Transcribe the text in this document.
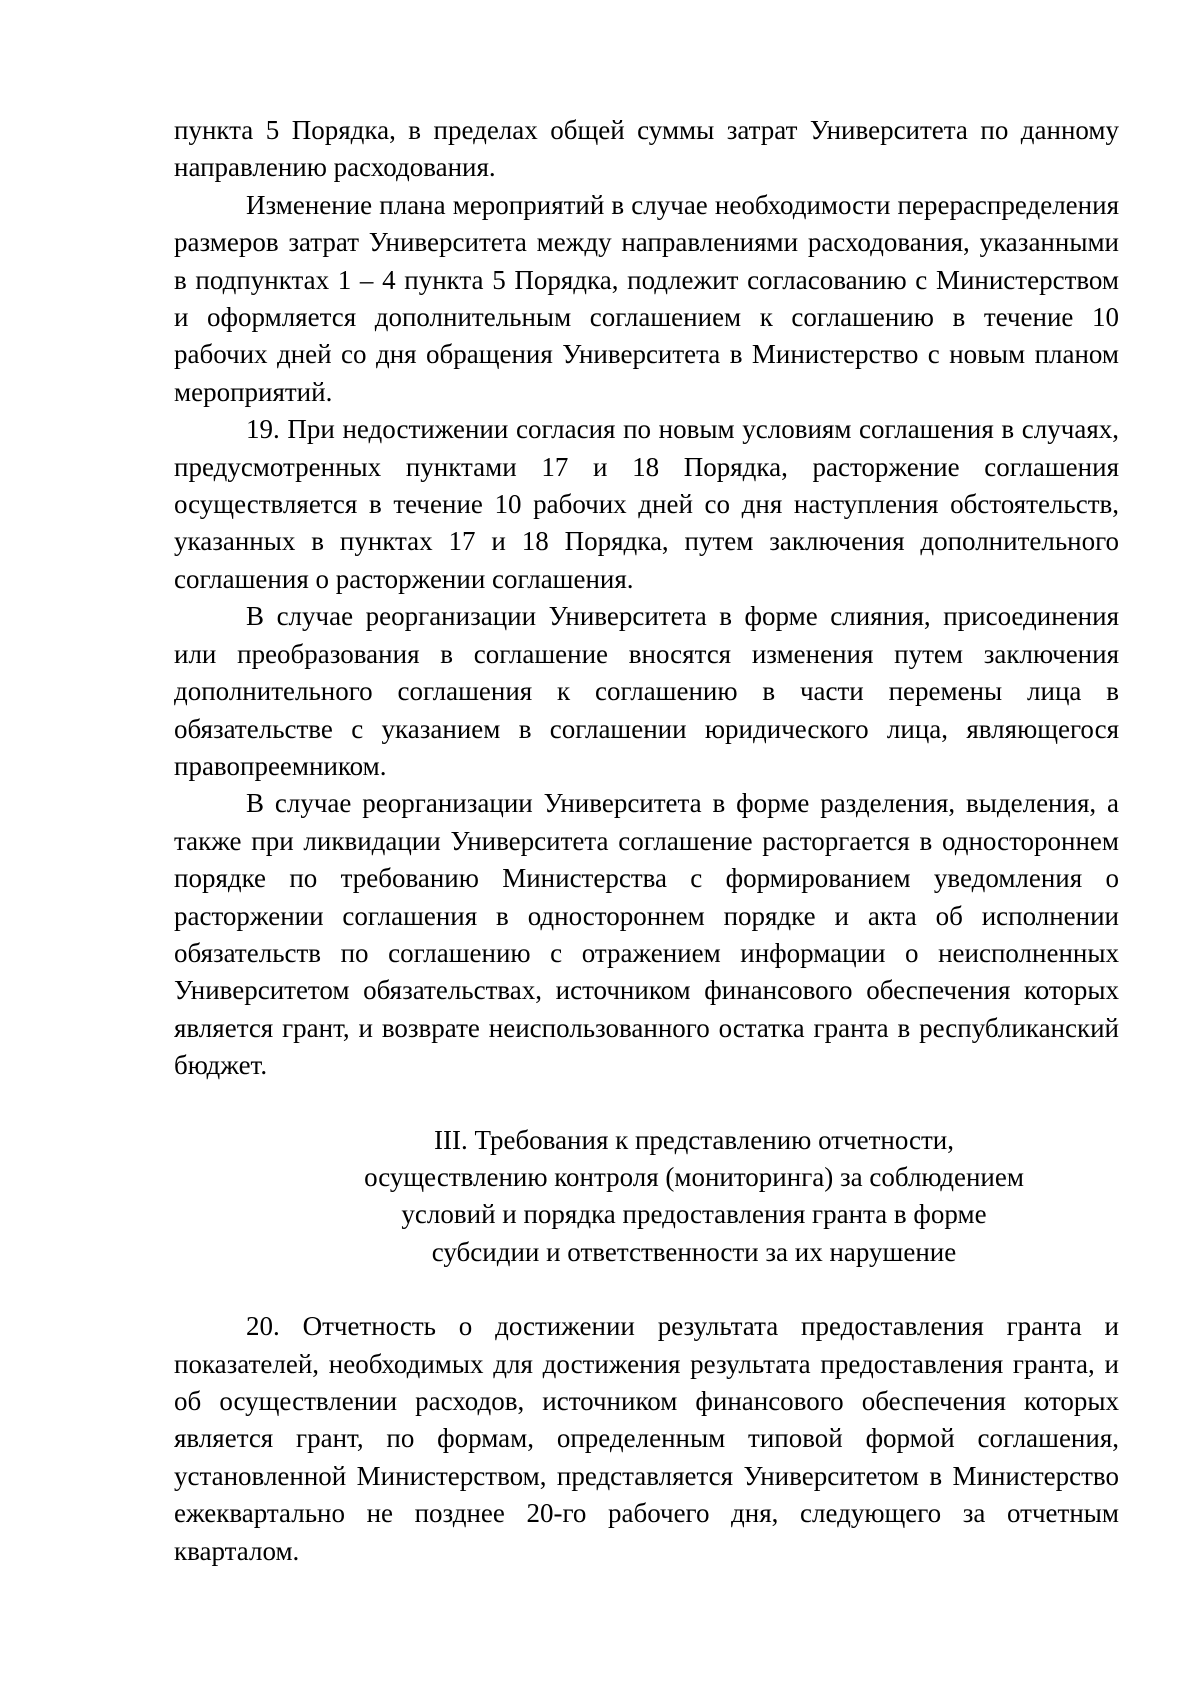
пункта 5 Порядка, в пределах общей суммы затрат Университета по данному направлению расходования.

Изменение плана мероприятий в случае необходимости перераспределения размеров затрат Университета между направлениями расходования, указанными в подпунктах 1 – 4 пункта 5 Порядка, подлежит согласованию с Министерством и оформляется дополнительным соглашением к соглашению в течение 10 рабочих дней со дня обращения Университета в Министерство с новым планом мероприятий.

19. При недостижении согласия по новым условиям соглашения в случаях, предусмотренных пунктами 17 и 18 Порядка, расторжение соглашения осуществляется в течение 10 рабочих дней со дня наступления обстоятельств, указанных в пунктах 17 и 18 Порядка, путем заключения дополнительного соглашения о расторжении соглашения.

В случае реорганизации Университета в форме слияния, присоединения или преобразования в соглашение вносятся изменения путем заключения дополнительного соглашения к соглашению в части перемены лица в обязательстве с указанием в соглашении юридического лица, являющегося правопреемником.

В случае реорганизации Университета в форме разделения, выделения, а также при ликвидации Университета соглашение расторгается в одностороннем порядке по требованию Министерства с формированием уведомления о расторжении соглашения в одностороннем порядке и акта об исполнении обязательств по соглашению с отражением информации о неисполненных Университетом обязательствах, источником финансового обеспечения которых является грант, и возврате неиспользованного остатка гранта в республиканский бюджет.

III. Требования к представлению отчетности,
осуществлению контроля (мониторинга) за соблюдением
условий и порядка предоставления гранта в форме
субсидии и ответственности за их нарушение

20. Отчетность о достижении результата предоставления гранта и показателей, необходимых для достижения результата предоставления гранта, и об осуществлении расходов, источником финансового обеспечения которых является грант, по формам, определенным типовой формой соглашения, установленной Министерством, представляется Университетом в Министерство ежеквартально не позднее 20-го рабочего дня, следующего за отчетным кварталом.
